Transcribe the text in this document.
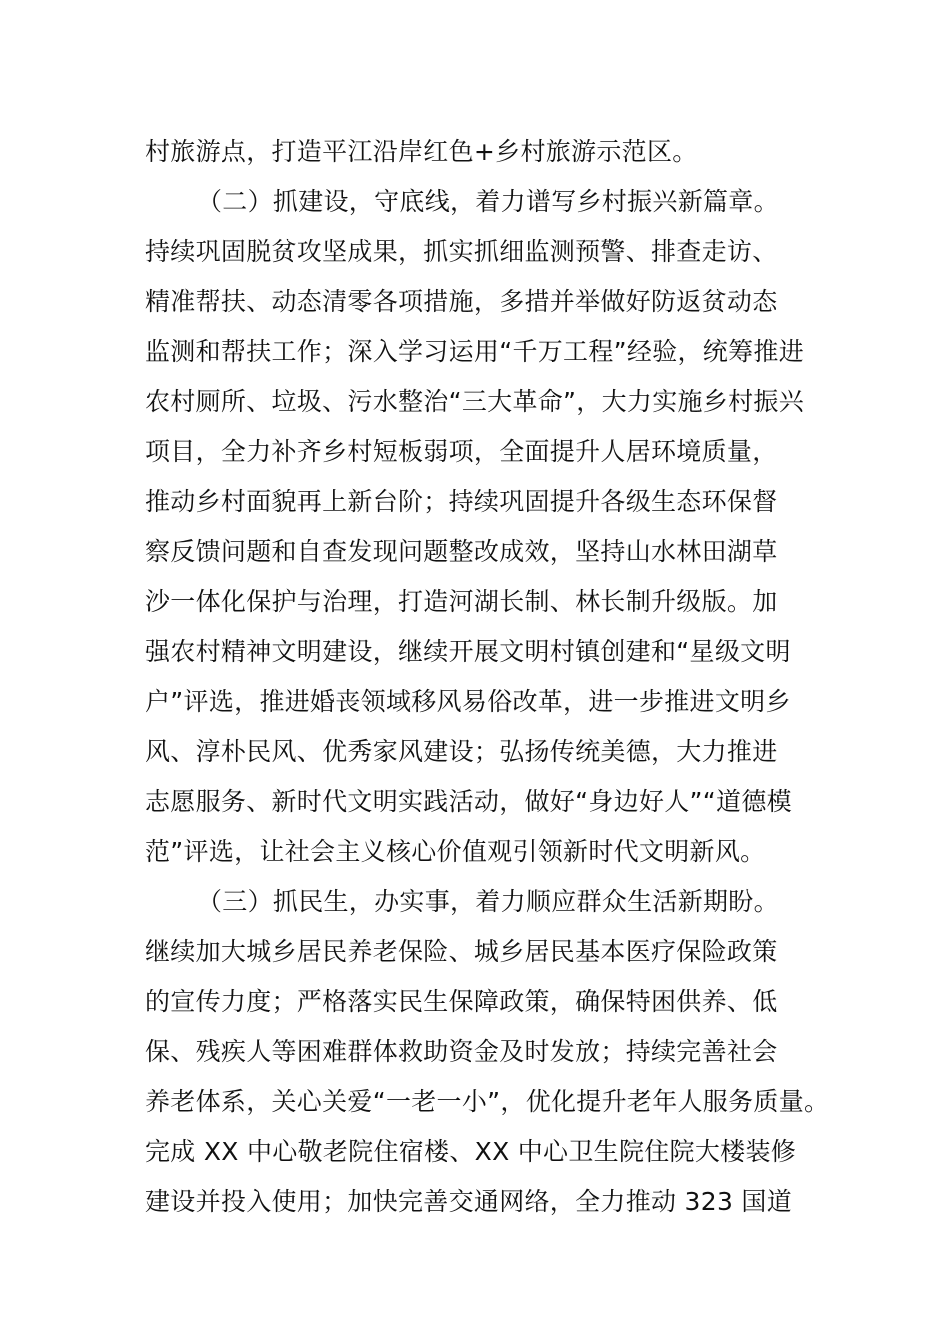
村旅游点，打造平江沿岸红色+乡村旅游示范区。
（二）抓建设，守底线，着力谱写乡村振兴新篇章。
持续巩固脱贫攻坚成果，抓实抓细监测预警、排查走访、
精准帮扶、动态清零各项措施，多措并举做好防返贫动态
监测和帮扶工作；深入学习运用“千万工程”经验，统筹推进
农村厕所、垃圾、污水整治“三大革命”，大力实施乡村振兴
项目，全力补齐乡村短板弱项，全面提升人居环境质量，
推动乡村面貌再上新台阶；持续巩固提升各级生态环保督
察反馈问题和自查发现问题整改成效，坚持山水林田湖草
沙一体化保护与治理，打造河湖长制、林长制升级版。加
强农村精神文明建设，继续开展文明村镇创建和“星级文明
户”评选，推进婚丧领域移风易俗改革，进一步推进文明乡
风、淳朴民风、优秀家风建设；弘扬传统美德，大力推进
志愿服务、新时代文明实践活动，做好“身边好人”“道德模
范”评选，让社会主义核心价值观引领新时代文明新风。
（三）抓民生，办实事，着力顺应群众生活新期盼。
继续加大城乡居民养老保险、城乡居民基本医疗保险政策
的宣传力度；严格落实民生保障政策，确保特困供养、低
保、残疾人等困难群体救助资金及时发放；持续完善社会
养老体系，关心关爱“一老一小”，优化提升老年人服务质量。
完成 XX 中心敬老院住宿楼、XX 中心卫生院住院大楼装修
建设并投入使用；加快完善交通网络，全力推动 323 国道
